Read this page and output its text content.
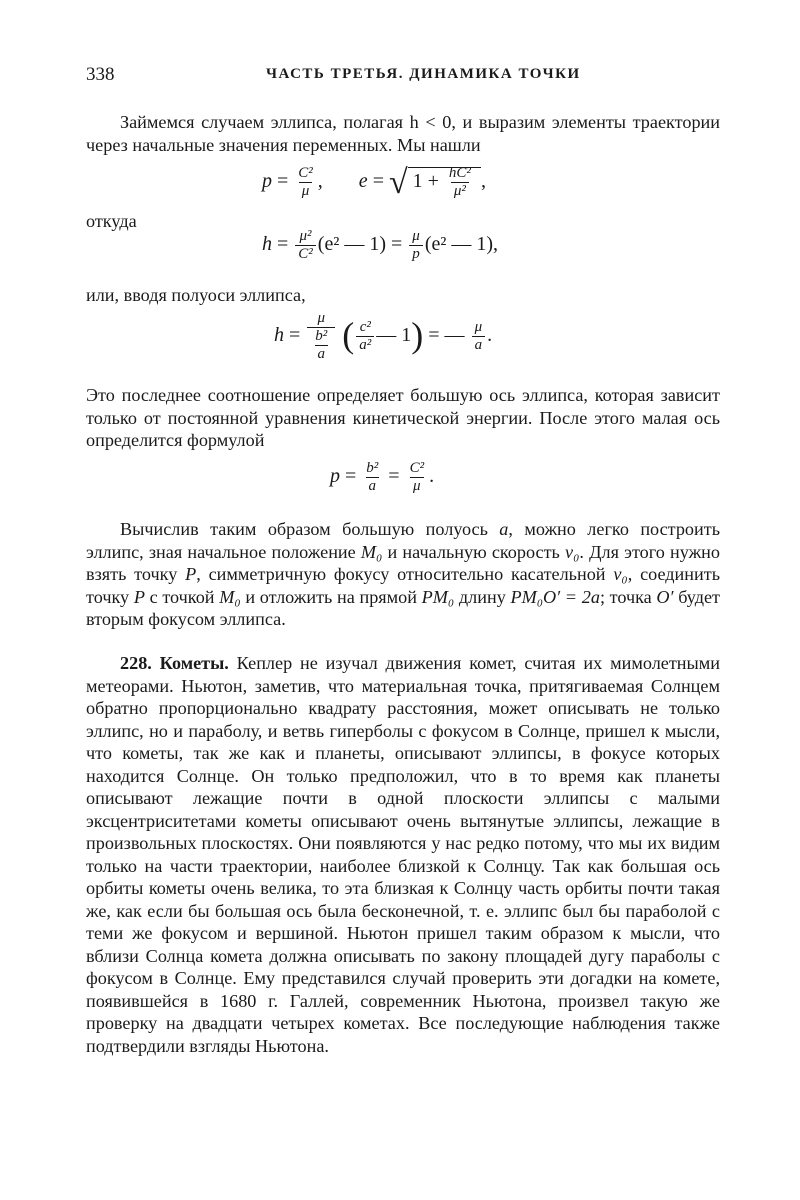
338	ЧАСТЬ ТРЕТЬЯ. ДИНАМИКА ТОЧКИ

Займемся случаем эллипса, полагая h < 0, и выразим элементы траектории через начальные значения переменных. Мы нашли

$p = \frac{\text{C²}}{\mu}$ , e = √ $1 + \frac{\text{hC²}}{\text{μ²}}$ ,
откуда
$h = \frac{\text{μ²}}{\text{C²}} (e^2$ — $1) = \frac{\mu}{p} (e^2$ — 1),
или, вводя полуоси эллипса,
$h = \frac{\mu}{\frac{\text{b²}}{a}}$ ( $\frac{\text{c²}}{\text{a²}}$ — 1) = — $\frac{\mu}{a}$ .

Это последнее соотношение определяет большую ось эллипса, которая зависит только от постоянной уравнения кинетической энергии. После этого малая ось определится формулой

$p = \frac{\text{b²}}{a} = \frac{\text{C²}}{\mu}$ .

Вычислив таким образом большую полуось a, можно легко построить эллипс, зная начальное положение M₀ и начальную скорость v₀. Для этого нужно взять точку P, симметричную фокусу относительно касательной v₀, соединить точку P с точкой M₀ и отложить на прямой PM₀ длину PM₀O′ = 2a; точка O′ будет вторым фокусом эллипса.

228. Кометы. Кеплер не изучал движения комет, считая их мимолетными метеорами. Ньютон, заметив, что материальная точка, притягиваемая Солнцем обратно пропорционально квадрату расстояния, может описывать не только эллипс, но и параболу, и ветвь гиперболы с фокусом в Солнце, пришел к мысли, что кометы, так же как и планеты, описывают эллипсы, в фокусе которых находится Солнце. Он только предположил, что в то время как планеты описывают лежащие почти в одной плоскости эллипсы с малыми эксцентриситетами кометы описывают очень вытянутые эллипсы, лежащие в произвольных плоскостях. Они появляются у нас редко потому, что мы их видим только на части траектории, наиболее близкой к Солнцу. Так как большая ось орбиты кометы очень велика, то эта близкая к Солнцу часть орбиты почти такая же, как если бы большая ось была бесконечной, т. е. эллипс был бы параболой с теми же фокусом и вершиной. Ньютон пришел таким образом к мысли, что вблизи Солнца комета должна описывать по закону площадей дугу параболы с фокусом в Солнце. Ему представился случай проверить эти догадки на комете, появившейся в 1680 г. Галлей, современник Ньютона, произвел такую же проверку на двадцати четырех кометах. Все последующие наблюдения также подтвердили взгляды Ньютона.
